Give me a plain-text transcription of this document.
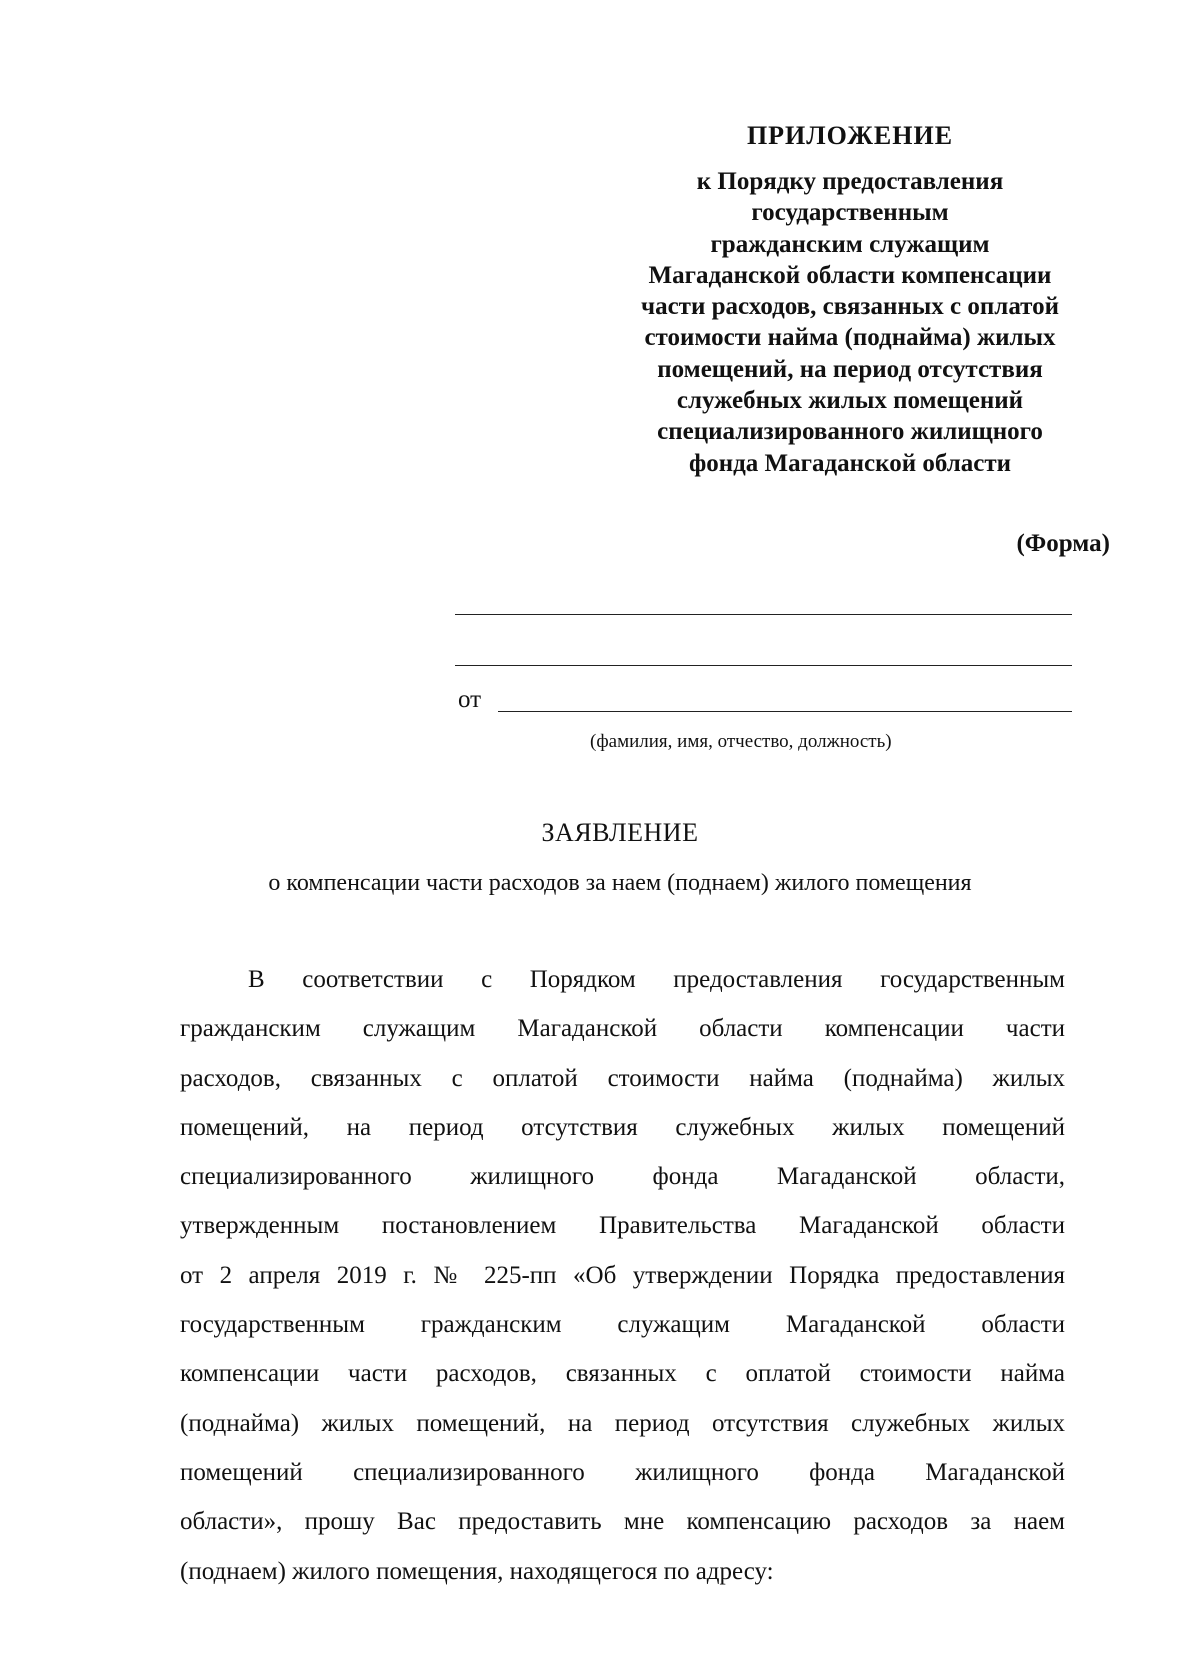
ПРИЛОЖЕНИЕ
к Порядку предоставления
государственным
гражданским служащим
Магаданской области компенсации
части расходов, связанных с оплатой
стоимости найма (поднайма) жилых
помещений, на период отсутствия
служебных жилых помещений
специализированного жилищного
фонда Магаданской области
(Форма)
от
(фамилия, имя, отчество, должность)
ЗАЯВЛЕНИЕ
о компенсации части расходов за наем (поднаем) жилого помещения
В соответствии с Порядком предоставления государственным
гражданским служащим Магаданской области компенсации части
расходов, связанных с оплатой стоимости найма (поднайма) жилых
помещений, на период отсутствия служебных жилых помещений
специализированного жилищного фонда Магаданской области,
утвержденным постановлением Правительства Магаданской области
от 2 апреля 2019 г. № 225-пп «Об утверждении Порядка предоставления
государственным гражданским служащим Магаданской области
компенсации части расходов, связанных с оплатой стоимости найма
(поднайма) жилых помещений, на период отсутствия служебных жилых
помещений специализированного жилищного фонда Магаданской
области», прошу Вас предоставить мне компенсацию расходов за наем
(поднаем) жилого помещения, находящегося по адресу:
